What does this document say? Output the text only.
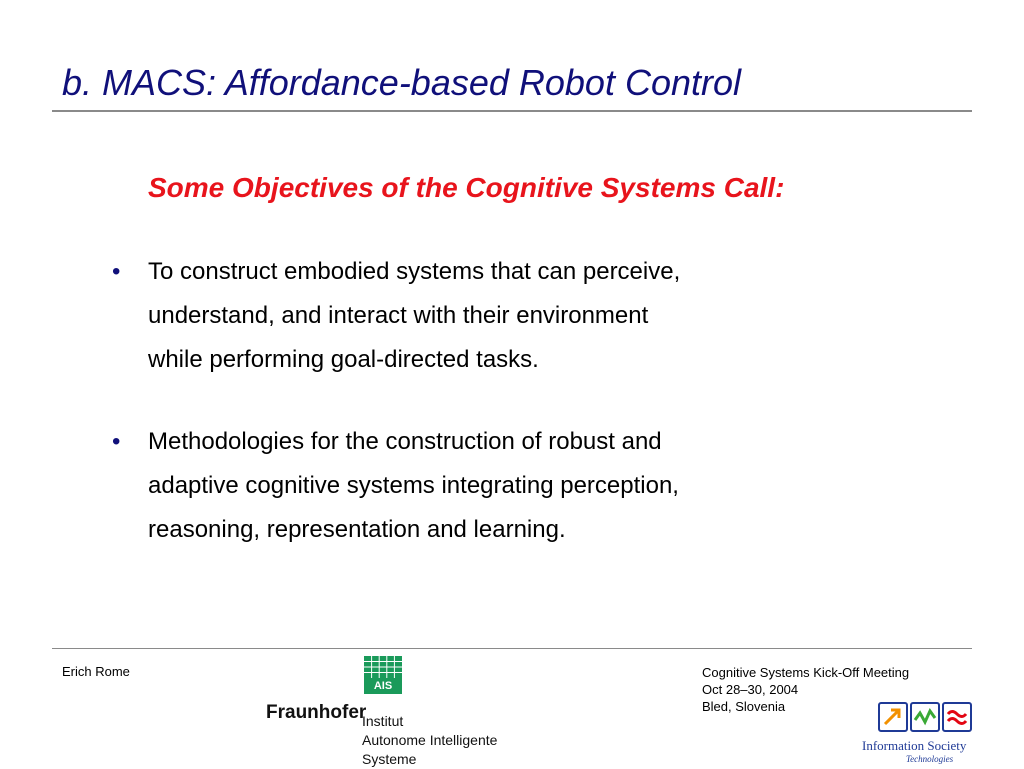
b. MACS: Affordance-based Robot Control
Some Objectives of the Cognitive Systems Call:
• To construct embodied systems that can perceive,
understand, and interact with their environment
while performing goal-directed tasks.
• Methodologies for the construction of robust and
adaptive cognitive systems integrating perception,
reasoning, representation and learning.
Erich Rome	Cognitive Systems Kick-Off Meeting
Oct 28–30, 2004
Bled, Slovenia
AIS
Fraunhofer
Institut
Autonome Intelligente
Systeme
Information Society
Technologies
